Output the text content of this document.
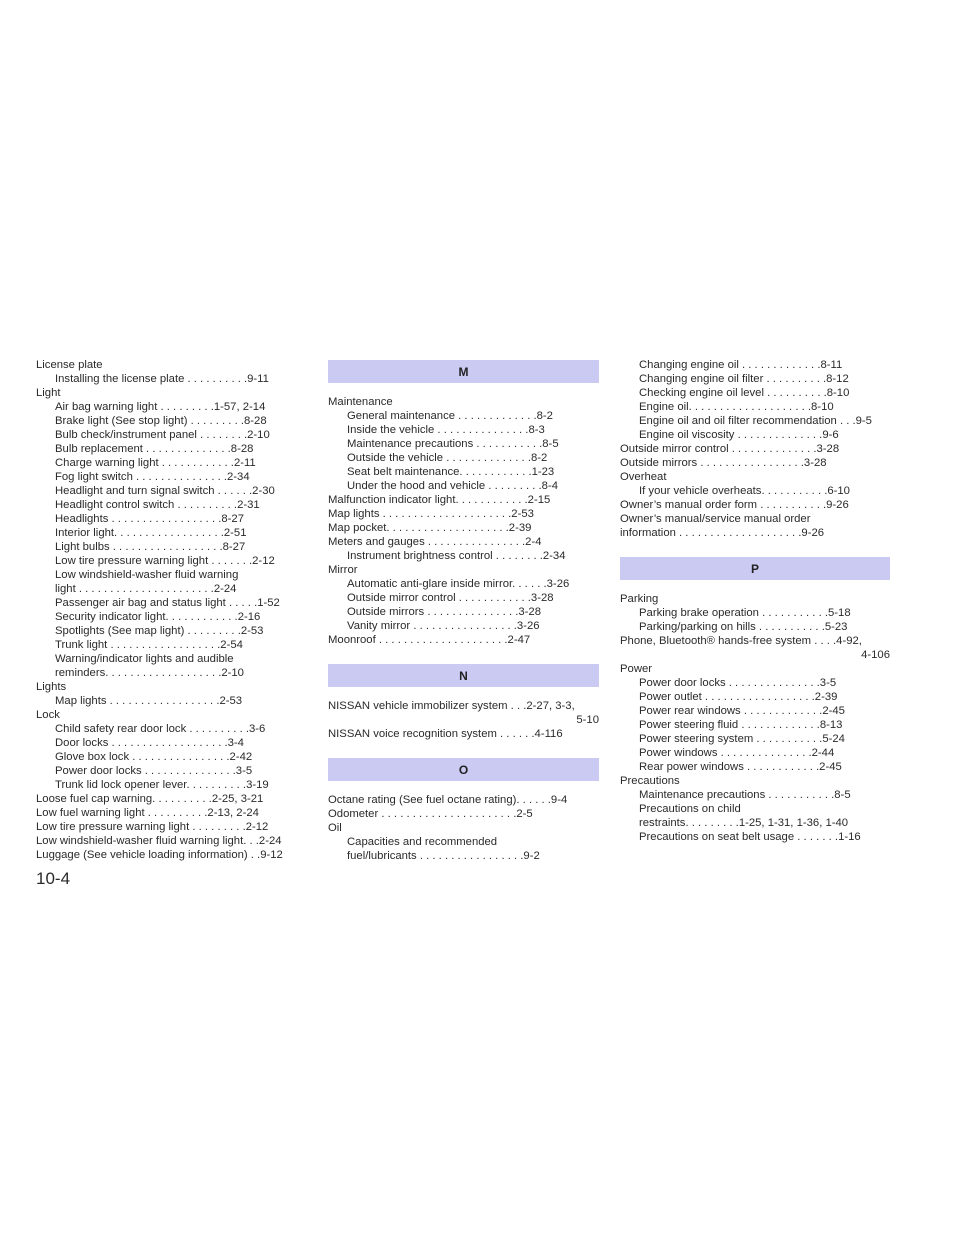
License plate
Installing the license plate . . . . . . . . . .9-11
Light
Air bag warning light . . . . . . . . .1-57, 2-14
Brake light (See stop light) . . . . . . . . .8-28
Bulb check/instrument panel . . . . . . . .2-10
Bulb replacement . . . . . . . . . . . . . .8-28
Charge warning light . . . . . . . . . . . .2-11
Fog light switch . . . . . . . . . . . . . . .2-34
Headlight and turn signal switch . . . . . .2-30
Headlight control switch . . . . . . . . . .2-31
Headlights . . . . . . . . . . . . . . . . . .8-27
Interior light. . . . . . . . . . . . . . . . . .2-51
Light bulbs . . . . . . . . . . . . . . . . . .8-27
Low tire pressure warning light . . . . . . .2-12
Low windshield-washer fluid warning
light . . . . . . . . . . . . . . . . . . . . . .2-24
Passenger air bag and status light . . . . .1-52
Security indicator light. . . . . . . . . . . .2-16
Spotlights (See map light) . . . . . . . . .2-53
Trunk light . . . . . . . . . . . . . . . . . .2-54
Warning/indicator lights and audible
reminders. . . . . . . . . . . . . . . . . . .2-10
Lights
Map lights . . . . . . . . . . . . . . . . . .2-53
Lock
Child safety rear door lock . . . . . . . . . .3-6
Door locks . . . . . . . . . . . . . . . . . . .3-4
Glove box lock . . . . . . . . . . . . . . . .2-42
Power door locks . . . . . . . . . . . . . . .3-5
Trunk lid lock opener lever. . . . . . . . . .3-19
Loose fuel cap warning. . . . . . . . . .2-25, 3-21
Low fuel warning light . . . . . . . . . .2-13, 2-24
Low tire pressure warning light . . . . . . . . .2-12
Low windshield-washer fluid warning light. . .2-24
Luggage (See vehicle loading information) . .9-12
M
Maintenance
General maintenance . . . . . . . . . . . . .8-2
Inside the vehicle . . . . . . . . . . . . . . .8-3
Maintenance precautions . . . . . . . . . . .8-5
Outside the vehicle . . . . . . . . . . . . . .8-2
Seat belt maintenance. . . . . . . . . . . .1-23
Under the hood and vehicle . . . . . . . . .8-4
Malfunction indicator light. . . . . . . . . . . .2-15
Map lights . . . . . . . . . . . . . . . . . . . . .2-53
Map pocket. . . . . . . . . . . . . . . . . . . .2-39
Meters and gauges . . . . . . . . . . . . . . . .2-4
Instrument brightness control . . . . . . . .2-34
Mirror
Automatic anti-glare inside mirror. . . . . .3-26
Outside mirror control . . . . . . . . . . . .3-28
Outside mirrors . . . . . . . . . . . . . . .3-28
Vanity mirror . . . . . . . . . . . . . . . . .3-26
Moonroof . . . . . . . . . . . . . . . . . . . . .2-47
N
NISSAN vehicle immobilizer system . . .2-27, 3-3,
5-10
NISSAN voice recognition system . . . . . .4-116
O
Octane rating (See fuel octane rating). . . . . .9-4
Odometer . . . . . . . . . . . . . . . . . . . . . .2-5
Oil
Capacities and recommended
fuel/lubricants . . . . . . . . . . . . . . . . .9-2
Changing engine oil . . . . . . . . . . . . .8-11
Changing engine oil filter . . . . . . . . . .8-12
Checking engine oil level . . . . . . . . . .8-10
Engine oil. . . . . . . . . . . . . . . . . . . .8-10
Engine oil and oil filter recommendation . . .9-5
Engine oil viscosity . . . . . . . . . . . . . .9-6
Outside mirror control . . . . . . . . . . . . . .3-28
Outside mirrors . . . . . . . . . . . . . . . . .3-28
Overheat
If your vehicle overheats. . . . . . . . . . .6-10
Owner’s manual order form . . . . . . . . . . .9-26
Owner’s manual/service manual order
information . . . . . . . . . . . . . . . . . . . .9-26
P
Parking
Parking brake operation . . . . . . . . . . .5-18
Parking/parking on hills . . . . . . . . . . .5-23
Phone, Bluetooth® hands-free system . . . .4-92,
4-106
Power
Power door locks . . . . . . . . . . . . . . .3-5
Power outlet . . . . . . . . . . . . . . . . . .2-39
Power rear windows . . . . . . . . . . . . .2-45
Power steering fluid . . . . . . . . . . . . .8-13
Power steering system . . . . . . . . . . .5-24
Power windows . . . . . . . . . . . . . . .2-44
Rear power windows . . . . . . . . . . . .2-45
Precautions
Maintenance precautions . . . . . . . . . . .8-5
Precautions on child
restraints. . . . . . . . .1-25, 1-31, 1-36, 1-40
Precautions on seat belt usage . . . . . . .1-16
10-4
